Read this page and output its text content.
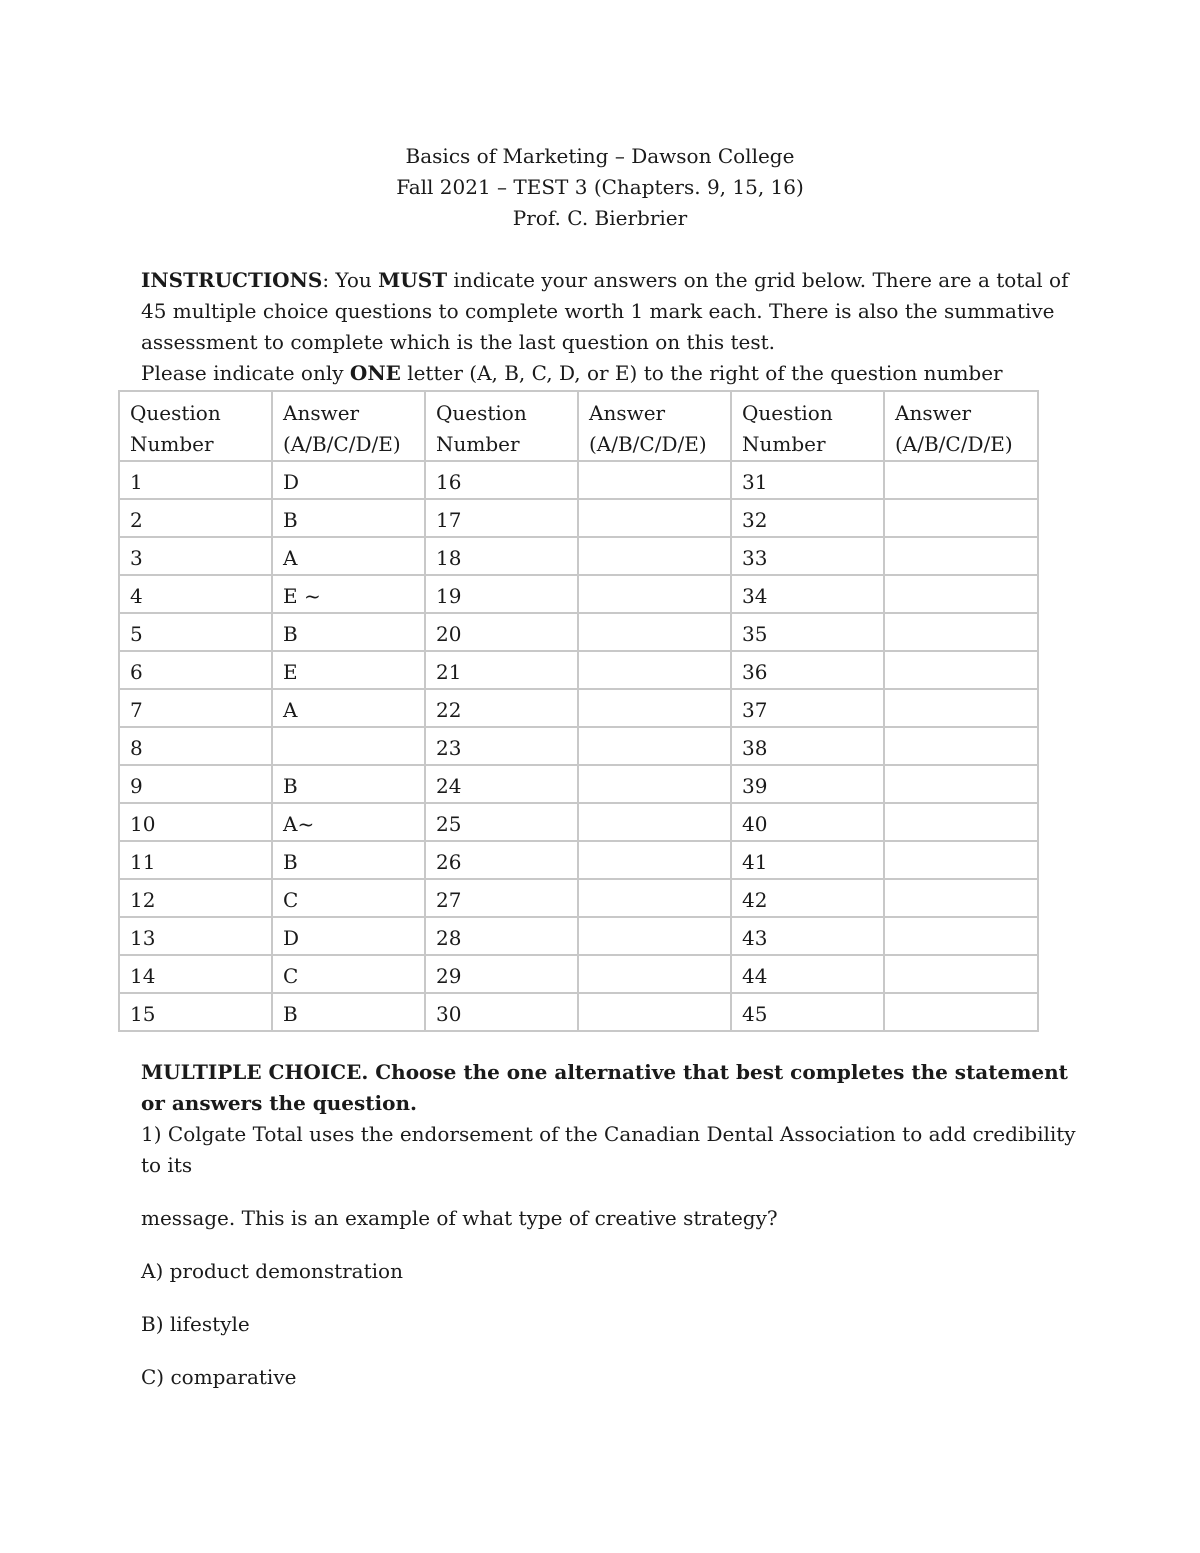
Basics of Marketing – Dawson College
Fall 2021 – TEST 3 (Chapters. 9, 15, 16)
Prof. C. Bierbrier

INSTRUCTIONS: You MUST indicate your answers on the grid below. There are a total of 45 multiple choice questions to complete worth 1 mark each. There is also the summative assessment to complete which is the last question on this test.

Please indicate only ONE letter (A, B, C, D, or E) to the right of the question number

Question Number	Answer (A/B/C/D/E)	Question Number	Answer (A/B/C/D/E)	Question Number	Answer (A/B/C/D/E)
1	D	16		31	
2	B	17		32	
3	A	18		33	
4	E ~	19		34	
5	B	20		35	
6	E	21		36	
7	A	22		37	
8		23		38	
9	B	24		39	
10	A~	25		40	
11	B	26		41	
12	C	27		42	
13	D	28		43	
14	C	29		44	
15	B	30		45	

MULTIPLE CHOICE. Choose the one alternative that best completes the statement or answers the question.

1) Colgate Total uses the endorsement of the Canadian Dental Association to add credibility to its

message. This is an example of what type of creative strategy?

A) product demonstration

B) lifestyle

C) comparative
